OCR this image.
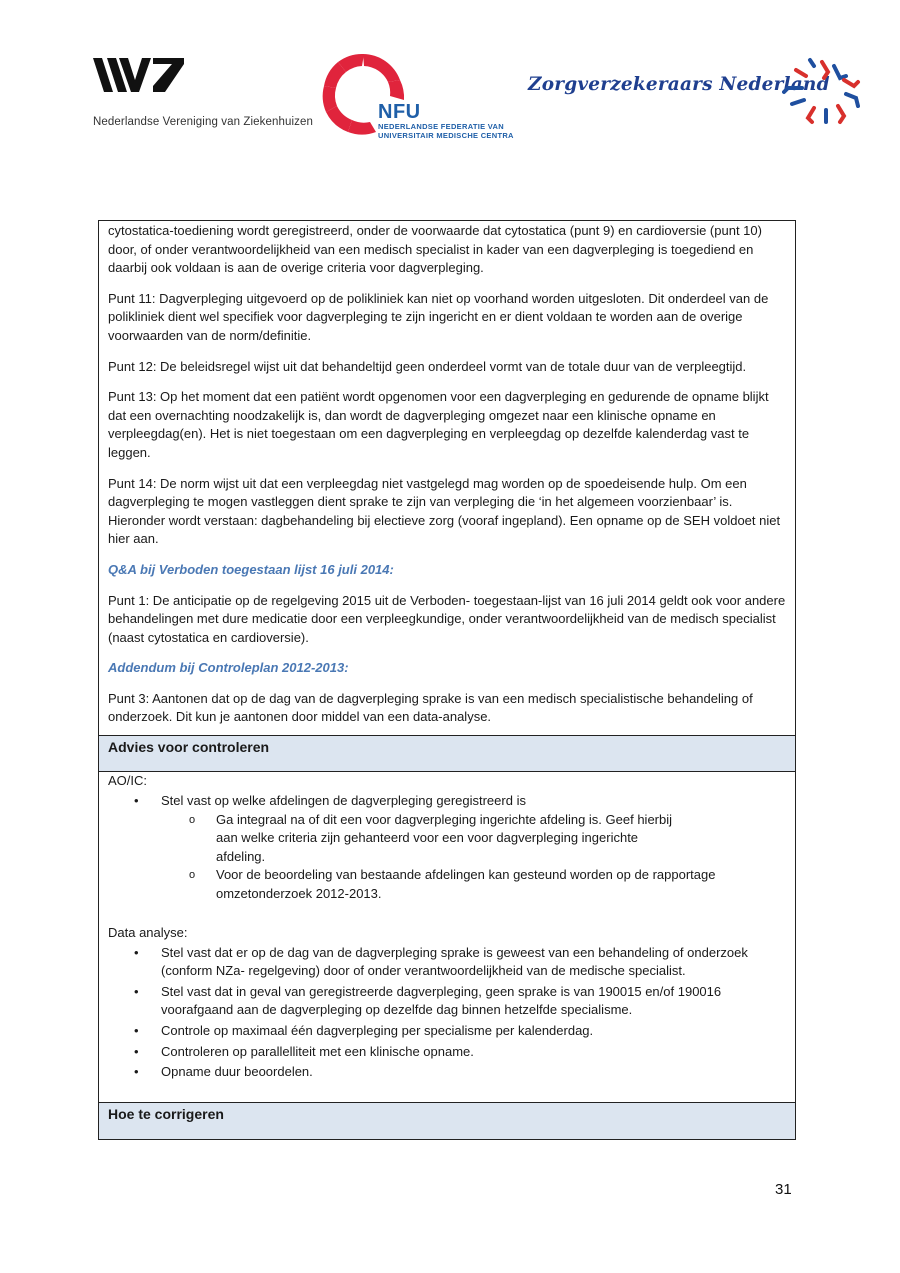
Nederlandse Vereniging van Ziekenhuizen	NFU
NEDERLANDSE FEDERATIE VAN
UNIVERSITAIR MEDISCHE CENTRA
Zorgverzekeraars Nederland

cytostatica-toediening wordt geregistreerd, onder de voorwaarde dat cytostatica (punt 9) en cardioversie (punt 10) door, of onder verantwoordelijkheid van een medisch specialist in kader van een dagverpleging is toegediend en daarbij ook voldaan is aan de overige criteria voor dagverpleging.

Punt 11: Dagverpleging uitgevoerd op de polikliniek kan niet op voorhand worden uitgesloten. Dit onderdeel van de polikliniek dient wel specifiek voor dagverpleging te zijn ingericht en er dient voldaan te worden aan de overige voorwaarden van de norm/definitie.

Punt 12: De beleidsregel wijst uit dat behandeltijd geen onderdeel vormt van de totale duur van de verpleegtijd.

Punt 13: Op het moment dat een patiënt wordt opgenomen voor een dagverpleging en gedurende de opname blijkt dat een overnachting noodzakelijk is, dan wordt de dagverpleging omgezet naar een klinische opname en verpleegdag(en). Het is niet toegestaan om een dagverpleging en verpleegdag op dezelfde kalenderdag vast te leggen.

Punt 14: De norm wijst uit dat een verpleegdag niet vastgelegd mag worden op de spoedeisende hulp. Om een dagverpleging te mogen vastleggen dient sprake te zijn van verpleging die ‘in het algemeen voorzienbaar’ is. Hieronder wordt verstaan: dagbehandeling bij electieve zorg (vooraf ingepland). Een opname op de SEH voldoet niet hier aan.

Q&A bij Verboden toegestaan lijst 16 juli 2014:

Punt 1: De anticipatie op de regelgeving 2015 uit de Verboden- toegestaan-lijst van 16 juli 2014 geldt ook voor andere behandelingen met dure medicatie door een verpleegkundige, onder verantwoordelijkheid van de medisch specialist (naast cytostatica en cardioversie).

Addendum bij Controleplan 2012-2013:

Punt 3: Aantonen dat op de dag van de dagverpleging sprake is van een medisch specialistische behandeling of onderzoek. Dit kun je aantonen door middel van een data-analyse.

Advies voor controleren

AO/IC:

• Stel vast op welke afdelingen de dagverpleging geregistreerd is
o Ga integraal na of dit een voor dagverpleging ingerichte afdeling is. Geef hierbij aan welke criteria zijn gehanteerd voor een voor dagverpleging ingerichte afdeling.
o Voor de beoordeling van bestaande afdelingen kan gesteund worden op de rapportage omzetonderzoek 2012-2013.

Data analyse:

• Stel vast dat er op de dag van de dagverpleging sprake is geweest van een behandeling of onderzoek (conform NZa- regelgeving) door of onder verantwoordelijkheid van de medische specialist.
• Stel vast dat in geval van geregistreerde dagverpleging, geen sprake is van 190015 en/of 190016 voorafgaand aan de dagverpleging op dezelfde dag binnen hetzelfde specialisme.
• Controle op maximaal één dagverpleging per specialisme per kalenderdag.
• Controleren op parallelliteit met een klinische opname.
• Opname duur beoordelen.
Hoe te corrigeren
31
